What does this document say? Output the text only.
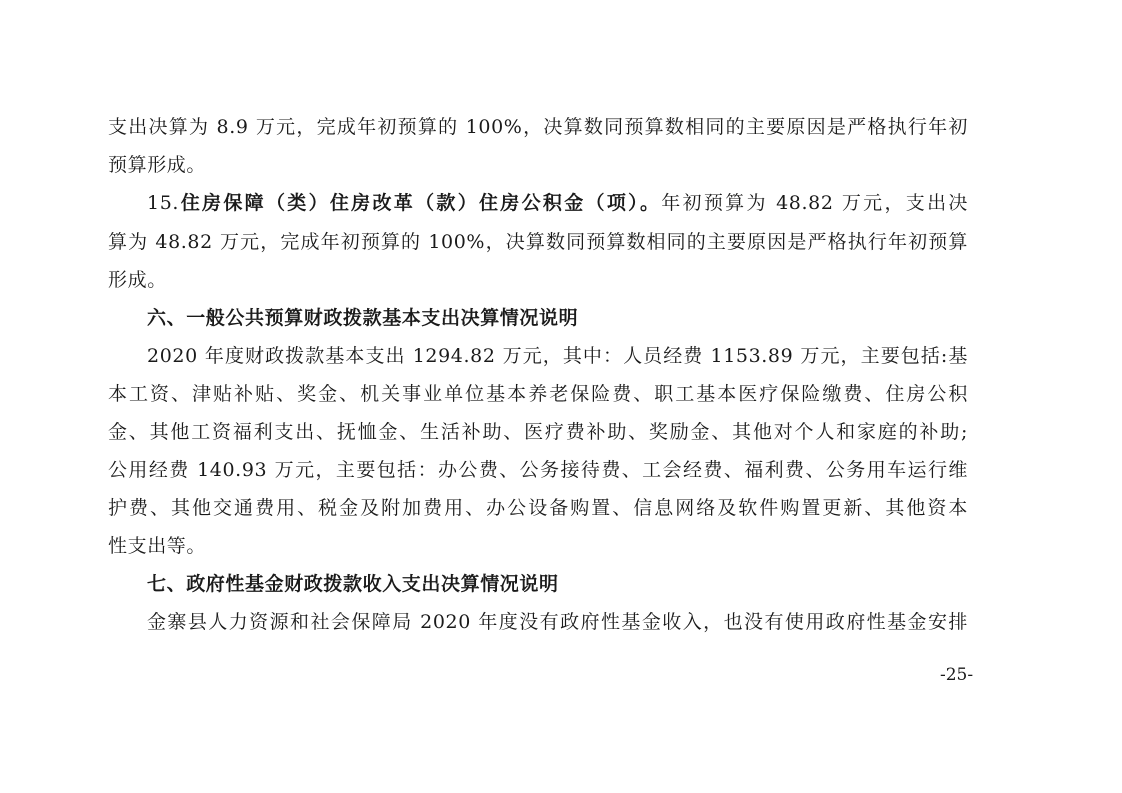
支出决算为 8.9 万元，完成年初预算的 100%，决算数同预算数相同的主要原因是严格执行年初
预算形成。
15.住房保障（类）住房改革（款）住房公积金（项）。年初预算为 48.82 万元，支出决
算为 48.82 万元，完成年初预算的 100%，决算数同预算数相同的主要原因是严格执行年初预算
形成。
六、一般公共预算财政拨款基本支出决算情况说明
2020 年度财政拨款基本支出 1294.82 万元，其中：人员经费 1153.89 万元，主要包括:基
本工资、津贴补贴、奖金、机关事业单位基本养老保险费、职工基本医疗保险缴费、住房公积
金、其他工资福利支出、抚恤金、生活补助、医疗费补助、奖励金、其他对个人和家庭的补助;
公用经费 140.93 万元，主要包括：办公费、公务接待费、工会经费、福利费、公务用车运行维
护费、其他交通费用、税金及附加费用、办公设备购置、信息网络及软件购置更新、其他资本
性支出等。
七、政府性基金财政拨款收入支出决算情况说明
金寨县人力资源和社会保障局 2020 年度没有政府性基金收入，也没有使用政府性基金安排
-25-
